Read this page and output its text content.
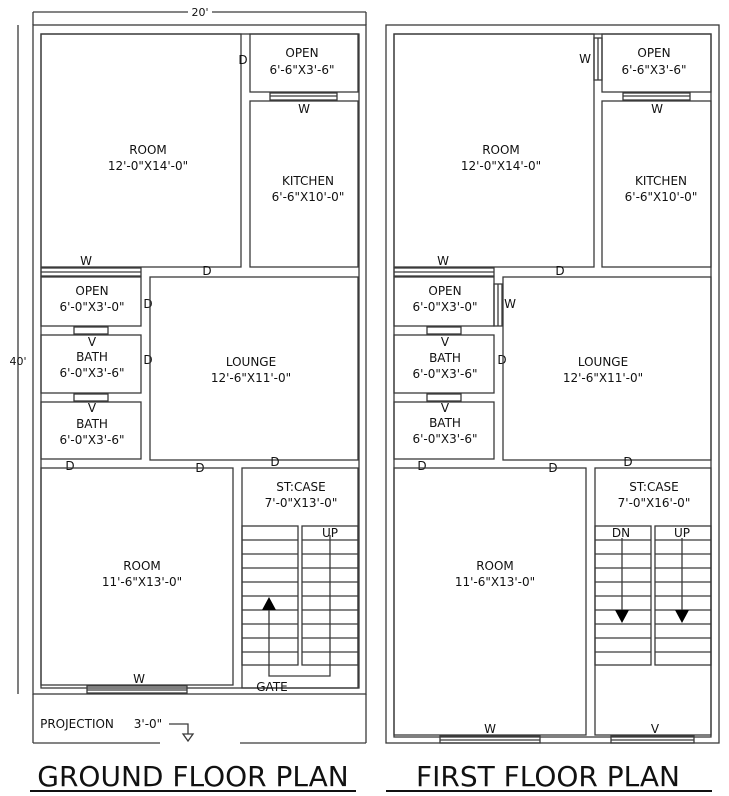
20'
40'
ROOM
12'-0"X14'-0"
D	OPEN
6'-6"X3'-6"
W
KITCHEN
6'-6"X10'-0"
W
D
OPEN
6'-0"X3'-0" D
V
BATH
6'-0"X3'-6"
D
V
BATH
6'-0"X3'-6"
LOUNGE
12'-6"X11'-0"
D	D	D
ROOM
11'-6"X13'-0"
W
ST:CASE
7'-0"X13'-0"
UP
GATE
PROJECTION 3'-0"
GROUND FLOOR PLAN
ROOM
12'-0"X14'-0"
W	OPEN
6'-6"X3'-6"
W
KITCHEN
6'-6"X10'-0"
W
D
OPEN
6'-0"X3'-0" W
V
BATH
6'-0"X3'-6"
D
V
BATH
6'-0"X3'-6"
LOUNGE
12'-6"X11'-0"
D	D	D
ROOM
11'-6"X13'-0"
W
ST:CASE
7'-0"X16'-0"
DN	UP
V
FIRST FLOOR PLAN
